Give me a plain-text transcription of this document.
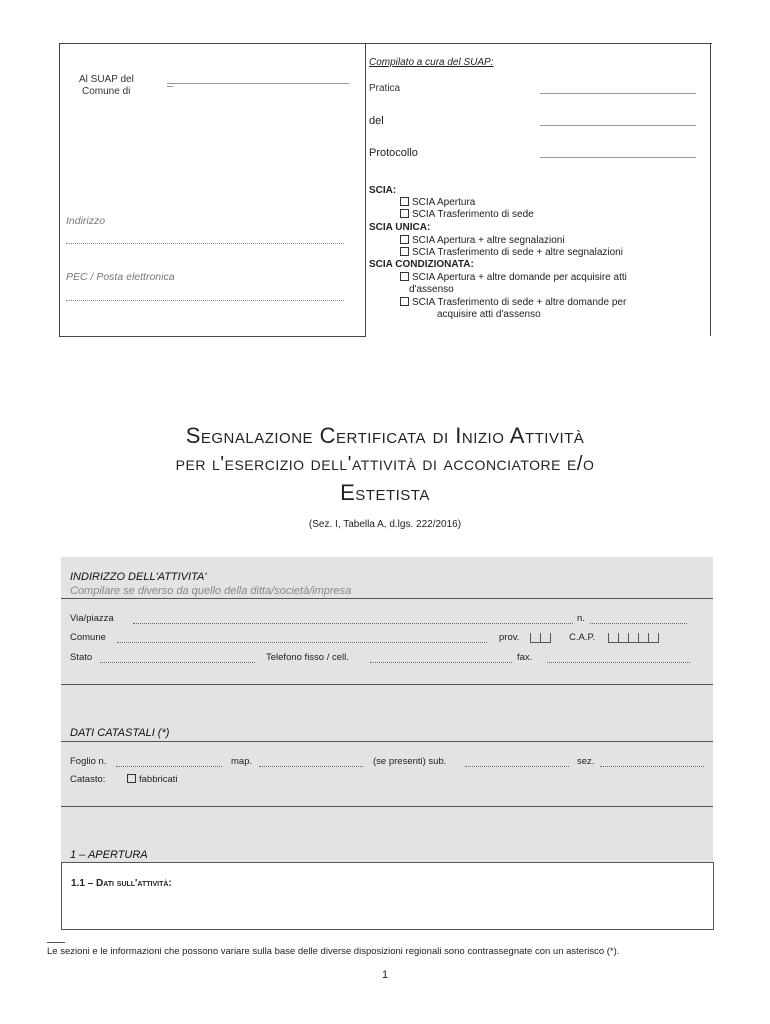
Al SUAP del
Comune di
Indirizzo
PEC / Posta elettronica
Compilato a cura del SUAP:
Pratica
del
Protocollo
SCIA:
SCIA Apertura
SCIA Trasferimento di sede
SCIA UNICA:
SCIA Apertura + altre segnalazioni
SCIA Trasferimento di sede + altre segnalazioni
SCIA CONDIZIONATA:
SCIA Apertura + altre domande per acquisire atti
d'assenso
SCIA Trasferimento di sede + altre domande per
acquisire atti d'assenso
Segnalazione Certificata di Inizio Attività
per l'esercizio dell'attività di acconciatore e/o
Estetista
(Sez. I, Tabella A, d.lgs. 222/2016)
INDIRIZZO DELL'ATTIVITA'
Compilare se diverso da quello della ditta/società/impresa
Via/piazza	n.
Comune	prov.	C.A.P.
Stato	Telefono fisso / cell.	fax.
DATI CATASTALI (*)
Foglio n.	map.	(se presenti) sub.	sez.
Catasto:	fabbricati
1 – APERTURA
1.1 – Dati sull'attività:
Le sezioni e le informazioni che possono variare sulla base delle diverse disposizioni regionali sono contrassegnate con un asterisco (*).
1
